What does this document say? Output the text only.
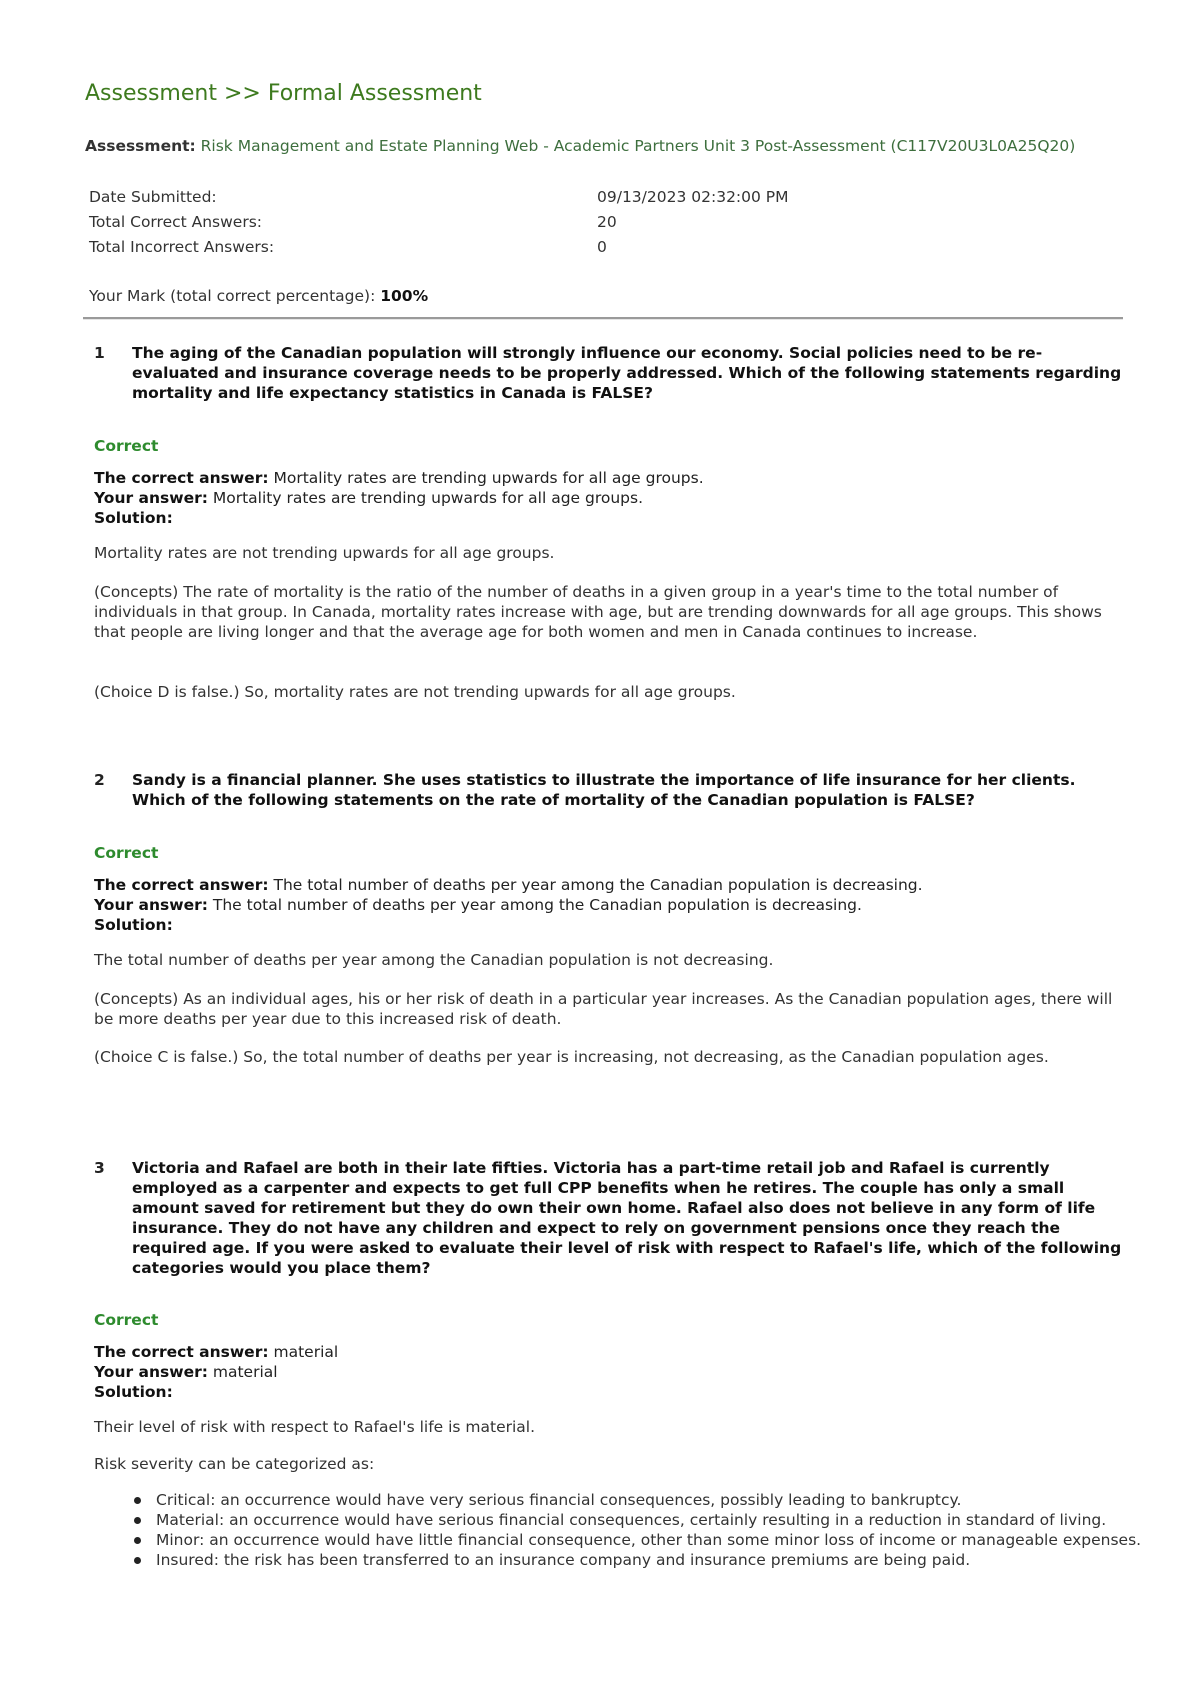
Assessment >> Formal Assessment
Assessment: Risk Management and Estate Planning Web - Academic Partners Unit 3 Post-Assessment (C117V20U3L0A25Q20)
Date Submitted:	09/13/2023 02:32:00 PM
Total Correct Answers:	20
Total Incorrect Answers:	0
Your Mark (total correct percentage): 100%
1 The aging of the Canadian population will strongly influence our economy. Social policies need to be re-evaluated and insurance coverage needs to be properly addressed. Which of the following statements regarding mortality and life expectancy statistics in Canada is FALSE?
Correct
The correct answer: Mortality rates are trending upwards for all age groups.
Your answer: Mortality rates are trending upwards for all age groups.
Solution:
Mortality rates are not trending upwards for all age groups.
(Concepts) The rate of mortality is the ratio of the number of deaths in a given group in a year's time to the total number of individuals in that group. In Canada, mortality rates increase with age, but are trending downwards for all age groups. This shows that people are living longer and that the average age for both women and men in Canada continues to increase.
(Choice D is false.) So, mortality rates are not trending upwards for all age groups.
2 Sandy is a financial planner. She uses statistics to illustrate the importance of life insurance for her clients. Which of the following statements on the rate of mortality of the Canadian population is FALSE?
Correct
The correct answer: The total number of deaths per year among the Canadian population is decreasing.
Your answer: The total number of deaths per year among the Canadian population is decreasing.
Solution:
The total number of deaths per year among the Canadian population is not decreasing.
(Concepts) As an individual ages, his or her risk of death in a particular year increases. As the Canadian population ages, there will be more deaths per year due to this increased risk of death.
(Choice C is false.) So, the total number of deaths per year is increasing, not decreasing, as the Canadian population ages.
3 Victoria and Rafael are both in their late fifties. Victoria has a part-time retail job and Rafael is currently employed as a carpenter and expects to get full CPP benefits when he retires. The couple has only a small amount saved for retirement but they do own their own home. Rafael also does not believe in any form of life insurance. They do not have any children and expect to rely on government pensions once they reach the required age. If you were asked to evaluate their level of risk with respect to Rafael's life, which of the following categories would you place them?
Correct
The correct answer: material
Your answer: material
Solution:
Their level of risk with respect to Rafael's life is material.
Risk severity can be categorized as:
Critical: an occurrence would have very serious financial consequences, possibly leading to bankruptcy.
Material: an occurrence would have serious financial consequences, certainly resulting in a reduction in standard of living.
Minor: an occurrence would have little financial consequence, other than some minor loss of income or manageable expenses.
Insured: the risk has been transferred to an insurance company and insurance premiums are being paid.
